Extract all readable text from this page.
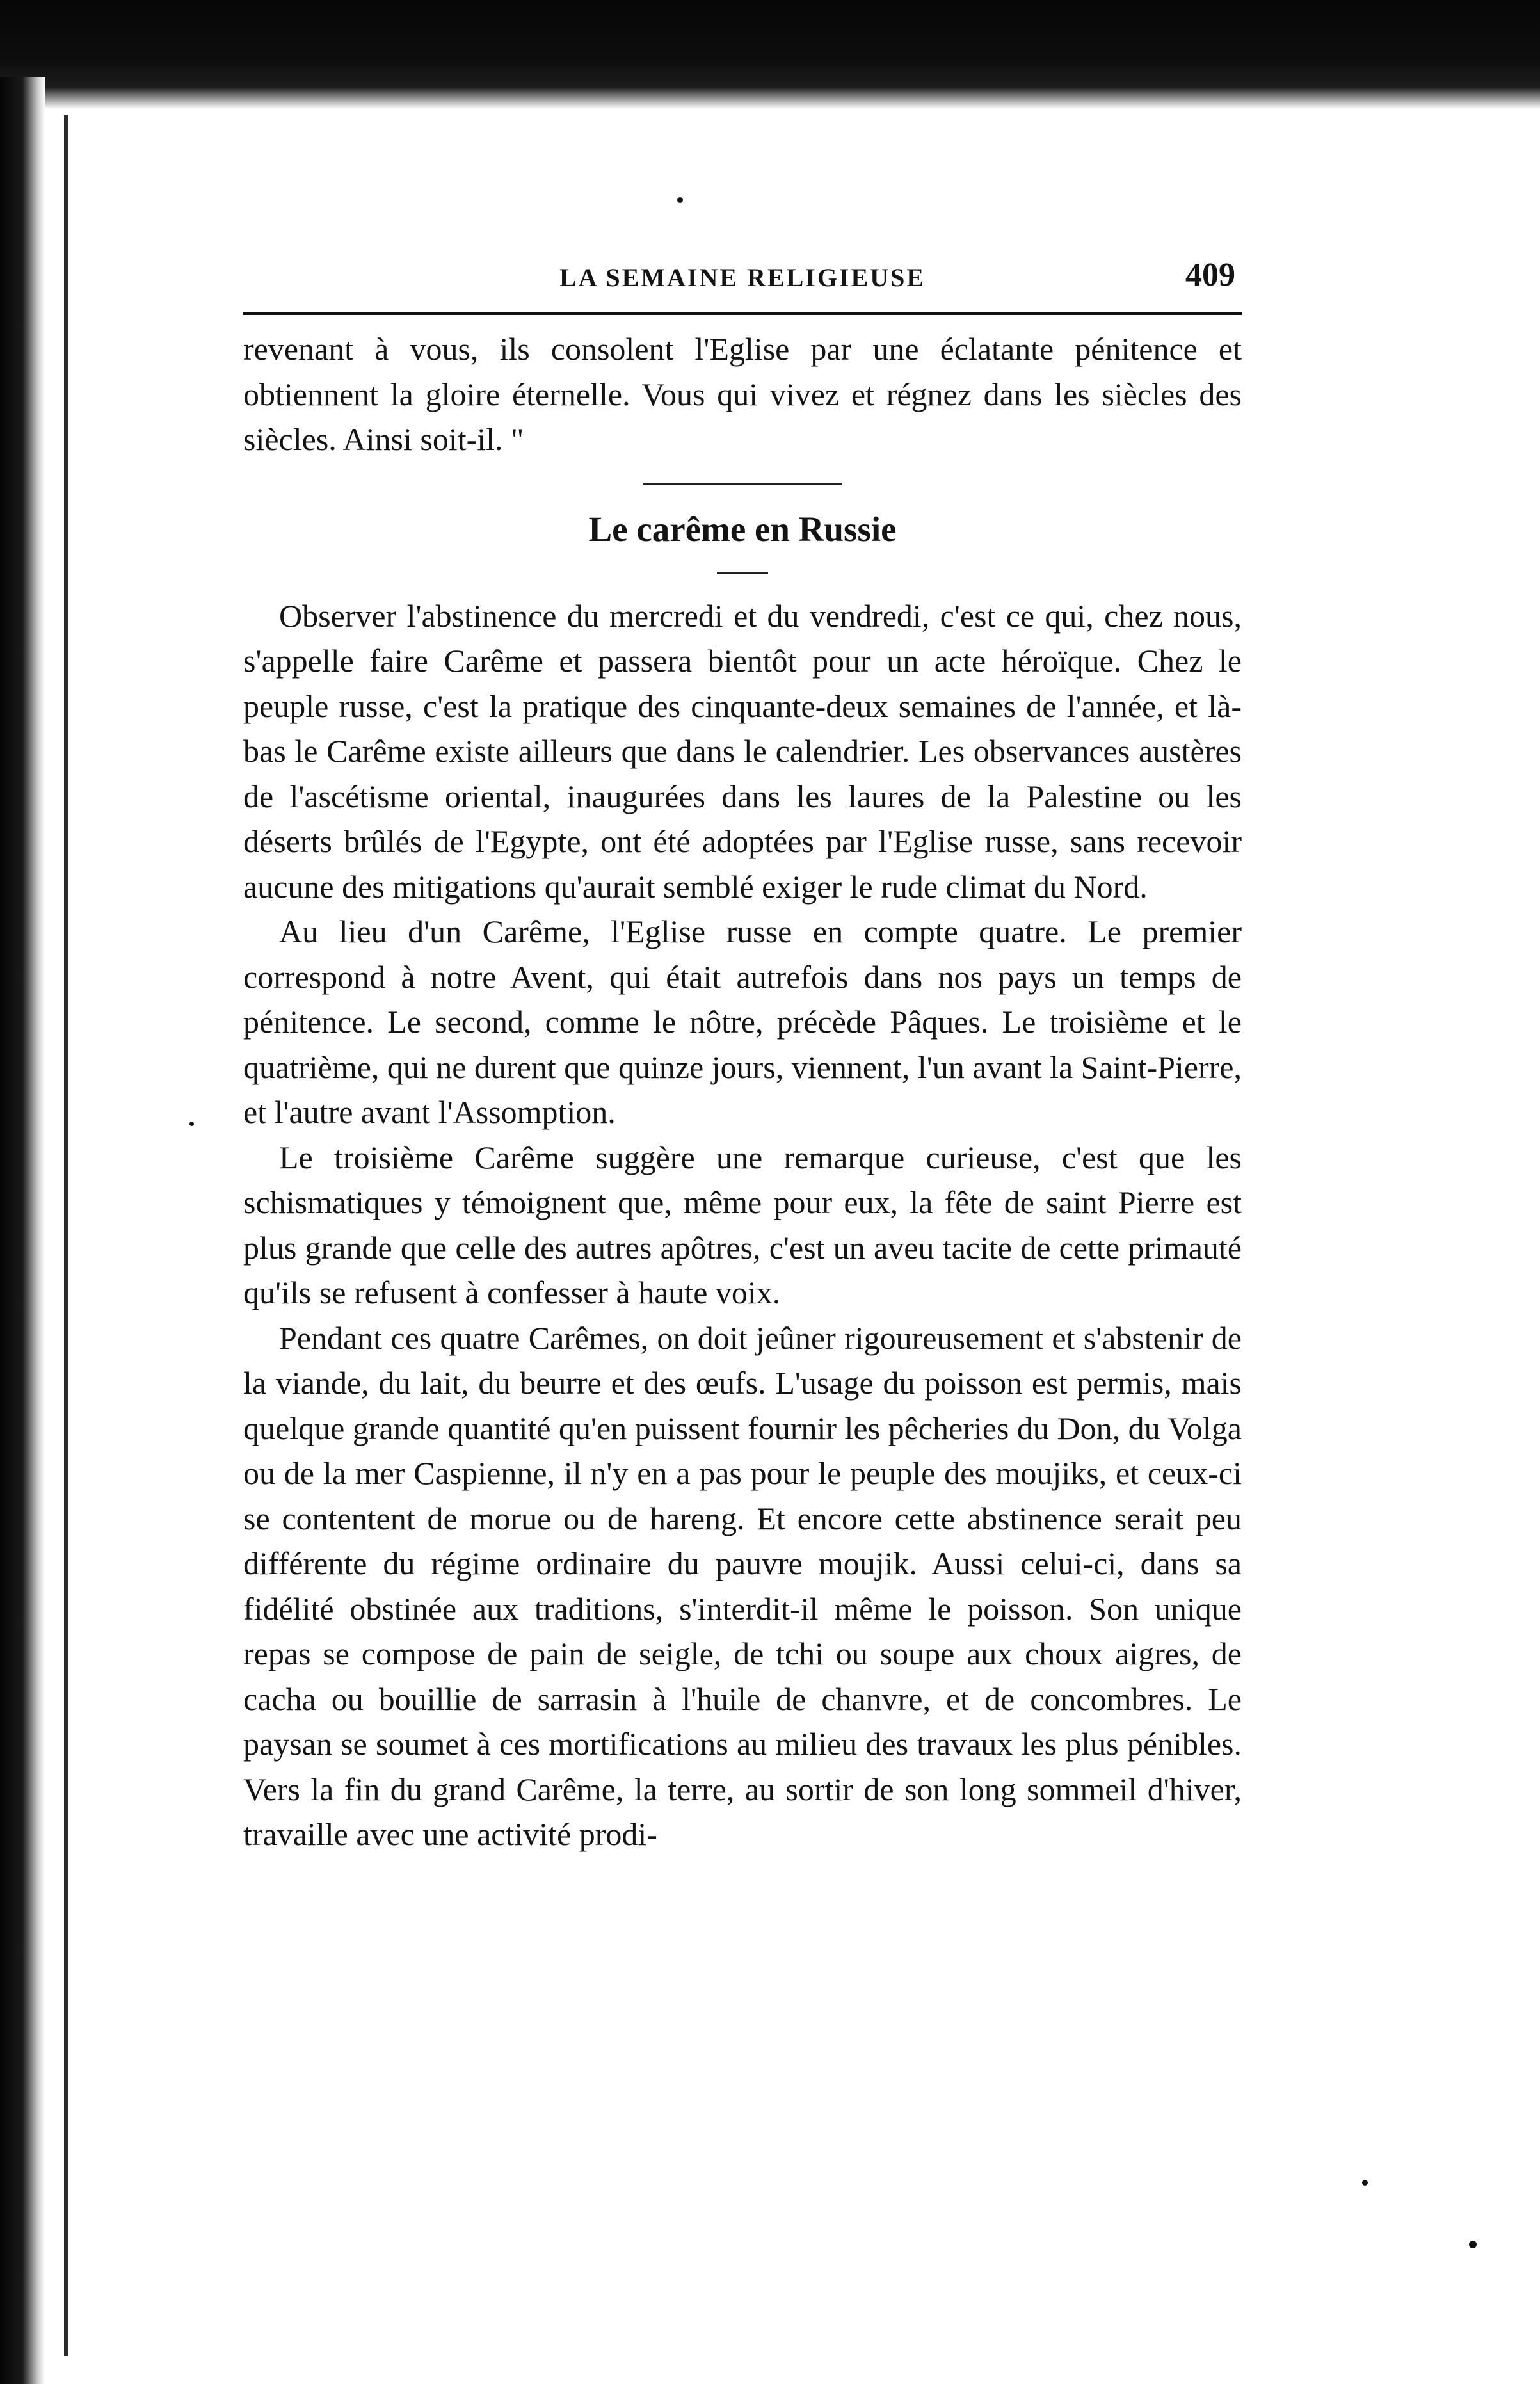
LA SEMAINE RELIGIEUSE	409

revenant à vous, ils consolent l'Eglise par une éclatante pénitence et obtiennent la gloire éternelle. Vous qui vivez et régnez dans les siècles des siècles. Ainsi soit-il. "

Le carême en Russie

Observer l'abstinence du mercredi et du vendredi, c'est ce qui, chez nous, s'appelle faire Carême et passera bientôt pour un acte héroïque. Chez le peuple russe, c'est la pratique des cinquante-deux semaines de l'année, et là-bas le Carême existe ailleurs que dans le calendrier. Les observances austères de l'ascétisme oriental, inaugurées dans les laures de la Palestine ou les déserts brûlés de l'Egypte, ont été adoptées par l'Eglise russe, sans recevoir aucune des mitigations qu'aurait semblé exiger le rude climat du Nord.

Au lieu d'un Carême, l'Eglise russe en compte quatre. Le premier correspond à notre Avent, qui était autrefois dans nos pays un temps de pénitence. Le second, comme le nôtre, précède Pâques. Le troisième et le quatrième, qui ne durent que quinze jours, viennent, l'un avant la Saint-Pierre, et l'autre avant l'Assomption.

Le troisième Carême suggère une remarque curieuse, c'est que les schismatiques y témoignent que, même pour eux, la fête de saint Pierre est plus grande que celle des autres apôtres, c'est un aveu tacite de cette primauté qu'ils se refusent à confesser à haute voix.

Pendant ces quatre Carêmes, on doit jeûner rigoureusement et s'abstenir de la viande, du lait, du beurre et des œufs. L'usage du poisson est permis, mais quelque grande quantité qu'en puissent fournir les pêcheries du Don, du Volga ou de la mer Caspienne, il n'y en a pas pour le peuple des moujiks, et ceux-ci se contentent de morue ou de hareng. Et encore cette abstinence serait peu différente du régime ordinaire du pauvre moujik. Aussi celui-ci, dans sa fidélité obstinée aux traditions, s'interdit-il même le poisson. Son unique repas se compose de pain de seigle, de tchi ou soupe aux choux aigres, de cacha ou bouillie de sarrasin à l'huile de chanvre, et de concombres. Le paysan se soumet à ces mortifications au milieu des travaux les plus pénibles. Vers la fin du grand Carême, la terre, au sortir de son long sommeil d'hiver, travaille avec une activité prodi-
